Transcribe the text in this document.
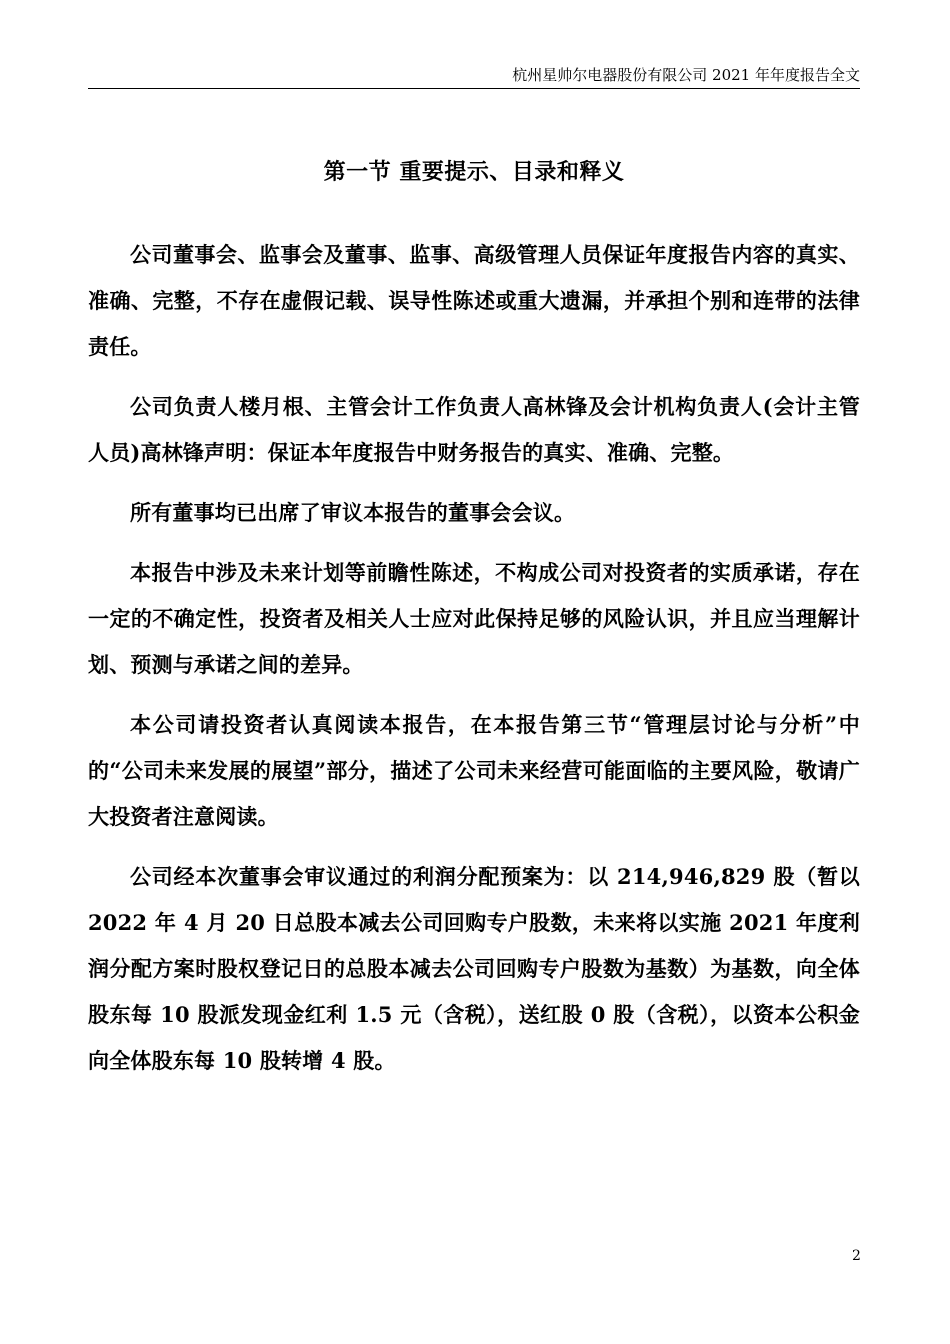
杭州星帅尔电器股份有限公司 2021 年年度报告全文
第一节 重要提示、目录和释义

公司董事会、监事会及董事、监事、高级管理人员保证年度报告内容的真实、准确、完整，不存在虚假记载、误导性陈述或重大遗漏，并承担个别和连带的法律责任。

公司负责人楼月根、主管会计工作负责人高林锋及会计机构负责人(会计主管人员)高林锋声明：保证本年度报告中财务报告的真实、准确、完整。

所有董事均已出席了审议本报告的董事会会议。

本报告中涉及未来计划等前瞻性陈述，不构成公司对投资者的实质承诺，存在一定的不确定性，投资者及相关人士应对此保持足够的风险认识，并且应当理解计划、预测与承诺之间的差异。

本公司请投资者认真阅读本报告，在本报告第三节“管理层讨论与分析”中的“公司未来发展的展望”部分，描述了公司未来经营可能面临的主要风险，敬请广大投资者注意阅读。

公司经本次董事会审议通过的利润分配预案为：以 214,946,829 股（暂以 2022 年 4 月 20 日总股本减去公司回购专户股数，未来将以实施 2021 年度利润分配方案时股权登记日的总股本减去公司回购专户股数为基数）为基数，向全体股东每 10 股派发现金红利 1.5 元（含税），送红股 0 股（含税），以资本公积金向全体股东每 10 股转增 4 股。

2
